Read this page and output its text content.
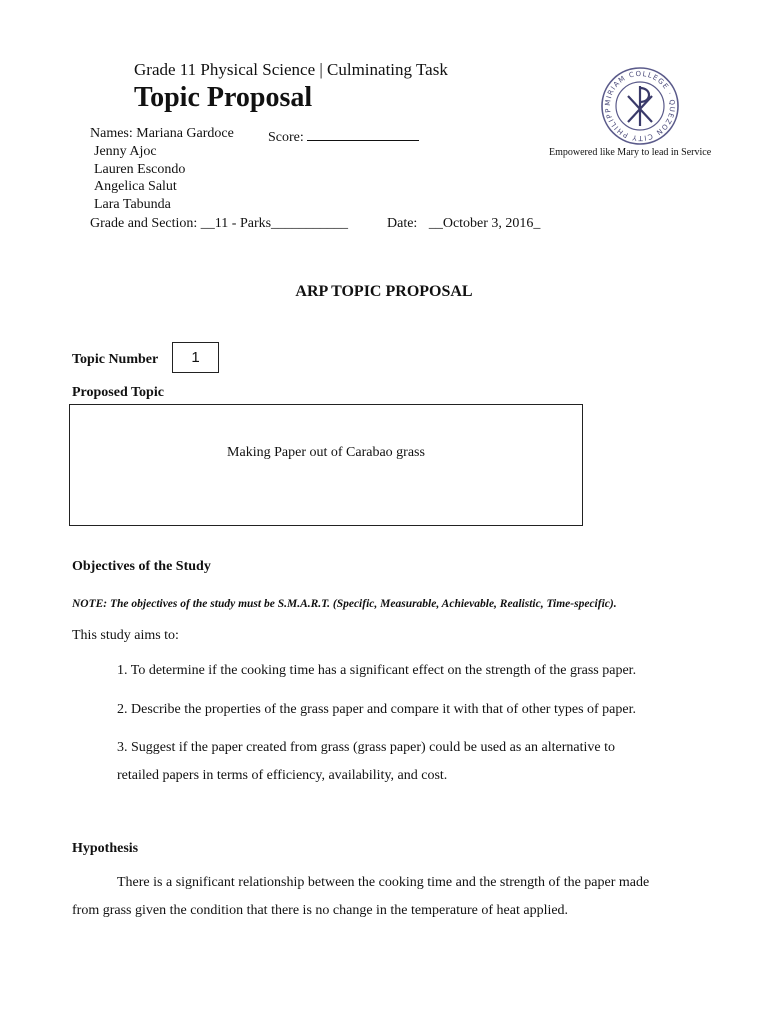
Grade 11 Physical Science | Culminating Task
Topic Proposal	MIRIAM COLLEGE · QUEZON CITY PHILIPP
Empowered like Mary to lead in Service
Names: Mariana Gardoce Score:
Jenny Ajoc
Lauren Escondo
Angelica Salut
Lara Tabunda
Grade and Section: __11 - Parks___________	Date: __October 3, 2016_
ARP TOPIC PROPOSAL
Topic Number 1
Proposed Topic
Making Paper out of Carabao grass
Objectives of the Study
NOTE: The objectives of the study must be S.M.A.R.T. (Specific, Measurable, Achievable, Realistic, Time-specific).
This study aims to:
1. To determine if the cooking time has a significant effect on the strength of the grass paper.
2. Describe the properties of the grass paper and compare it with that of other types of paper.
3. Suggest if the paper created from grass (grass paper) could be used as an alternative to
retailed papers in terms of efficiency, availability, and cost.
Hypothesis
There is a significant relationship between the cooking time and the strength of the paper made
from grass given the condition that there is no change in the temperature of heat applied.
